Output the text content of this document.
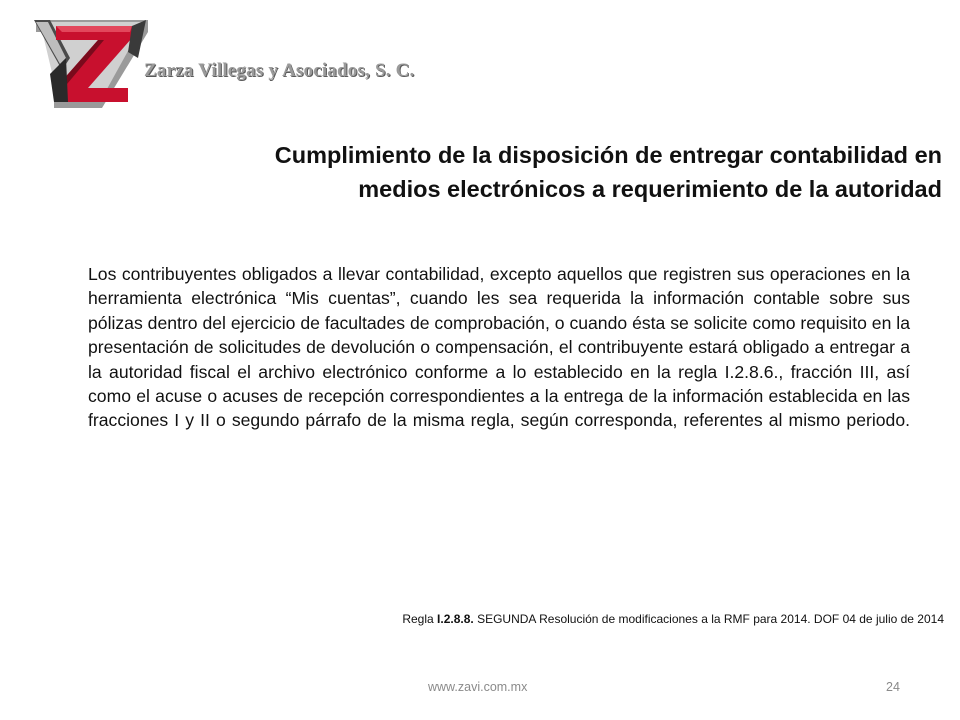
Zarza Villegas y Asociados, S. C.
Cumplimiento de la disposición de entregar contabilidad en
medios electrónicos a requerimiento de la autoridad
Los contribuyentes obligados a llevar contabilidad, excepto aquellos que registren sus operaciones en la herramienta electrónica “Mis cuentas”, cuando les sea requerida la información contable sobre sus pólizas dentro del ejercicio de facultades de comprobación, o cuando ésta se solicite como requisito en la presentación de solicitudes de devolución o compensación, el contribuyente estará obligado a entregar a la autoridad fiscal el archivo electrónico conforme a lo establecido en la regla I.2.8.6., fracción III, así como el acuse o acuses de recepción correspondientes a la entrega de la información establecida en las fracciones I y II o segundo párrafo de la misma regla, según corresponda, referentes al mismo periodo.
Regla I.2.8.8. SEGUNDA Resolución de modificaciones a la RMF para 2014. DOF 04 de julio de 2014
www.zavi.com.mx	24
